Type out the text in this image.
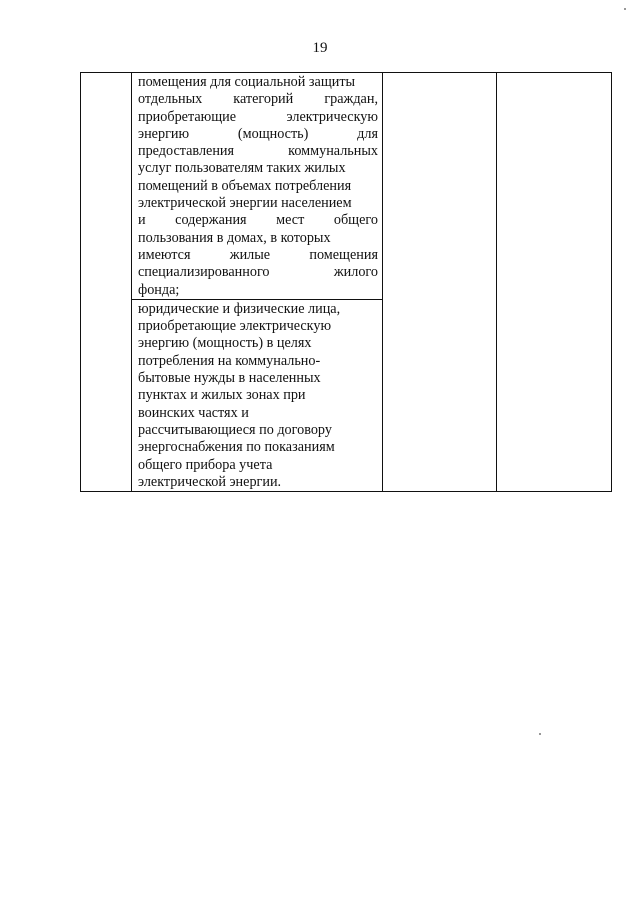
19

помещения для социальной защиты
отдельных категорий граждан,
приобретающие	электрическую
энергию	(мощность)	для
предоставления	коммунальных
услуг пользователям таких жилых
помещений в объемах потребления
электрической энергии населением
и содержания мест общего
пользования в домах, в которых
имеются	жилые	помещения
специализированного	жилого
фонда;
юридические и физические лица,
приобретающие электрическую
энергию (мощность) в целях
потребления на коммунально-
бытовые нужды в населенных
пунктах и жилых зонах при
воинских частях и
рассчитывающиеся по договору
энергоснабжения по показаниям
общего прибора учета
электрической энергии.
